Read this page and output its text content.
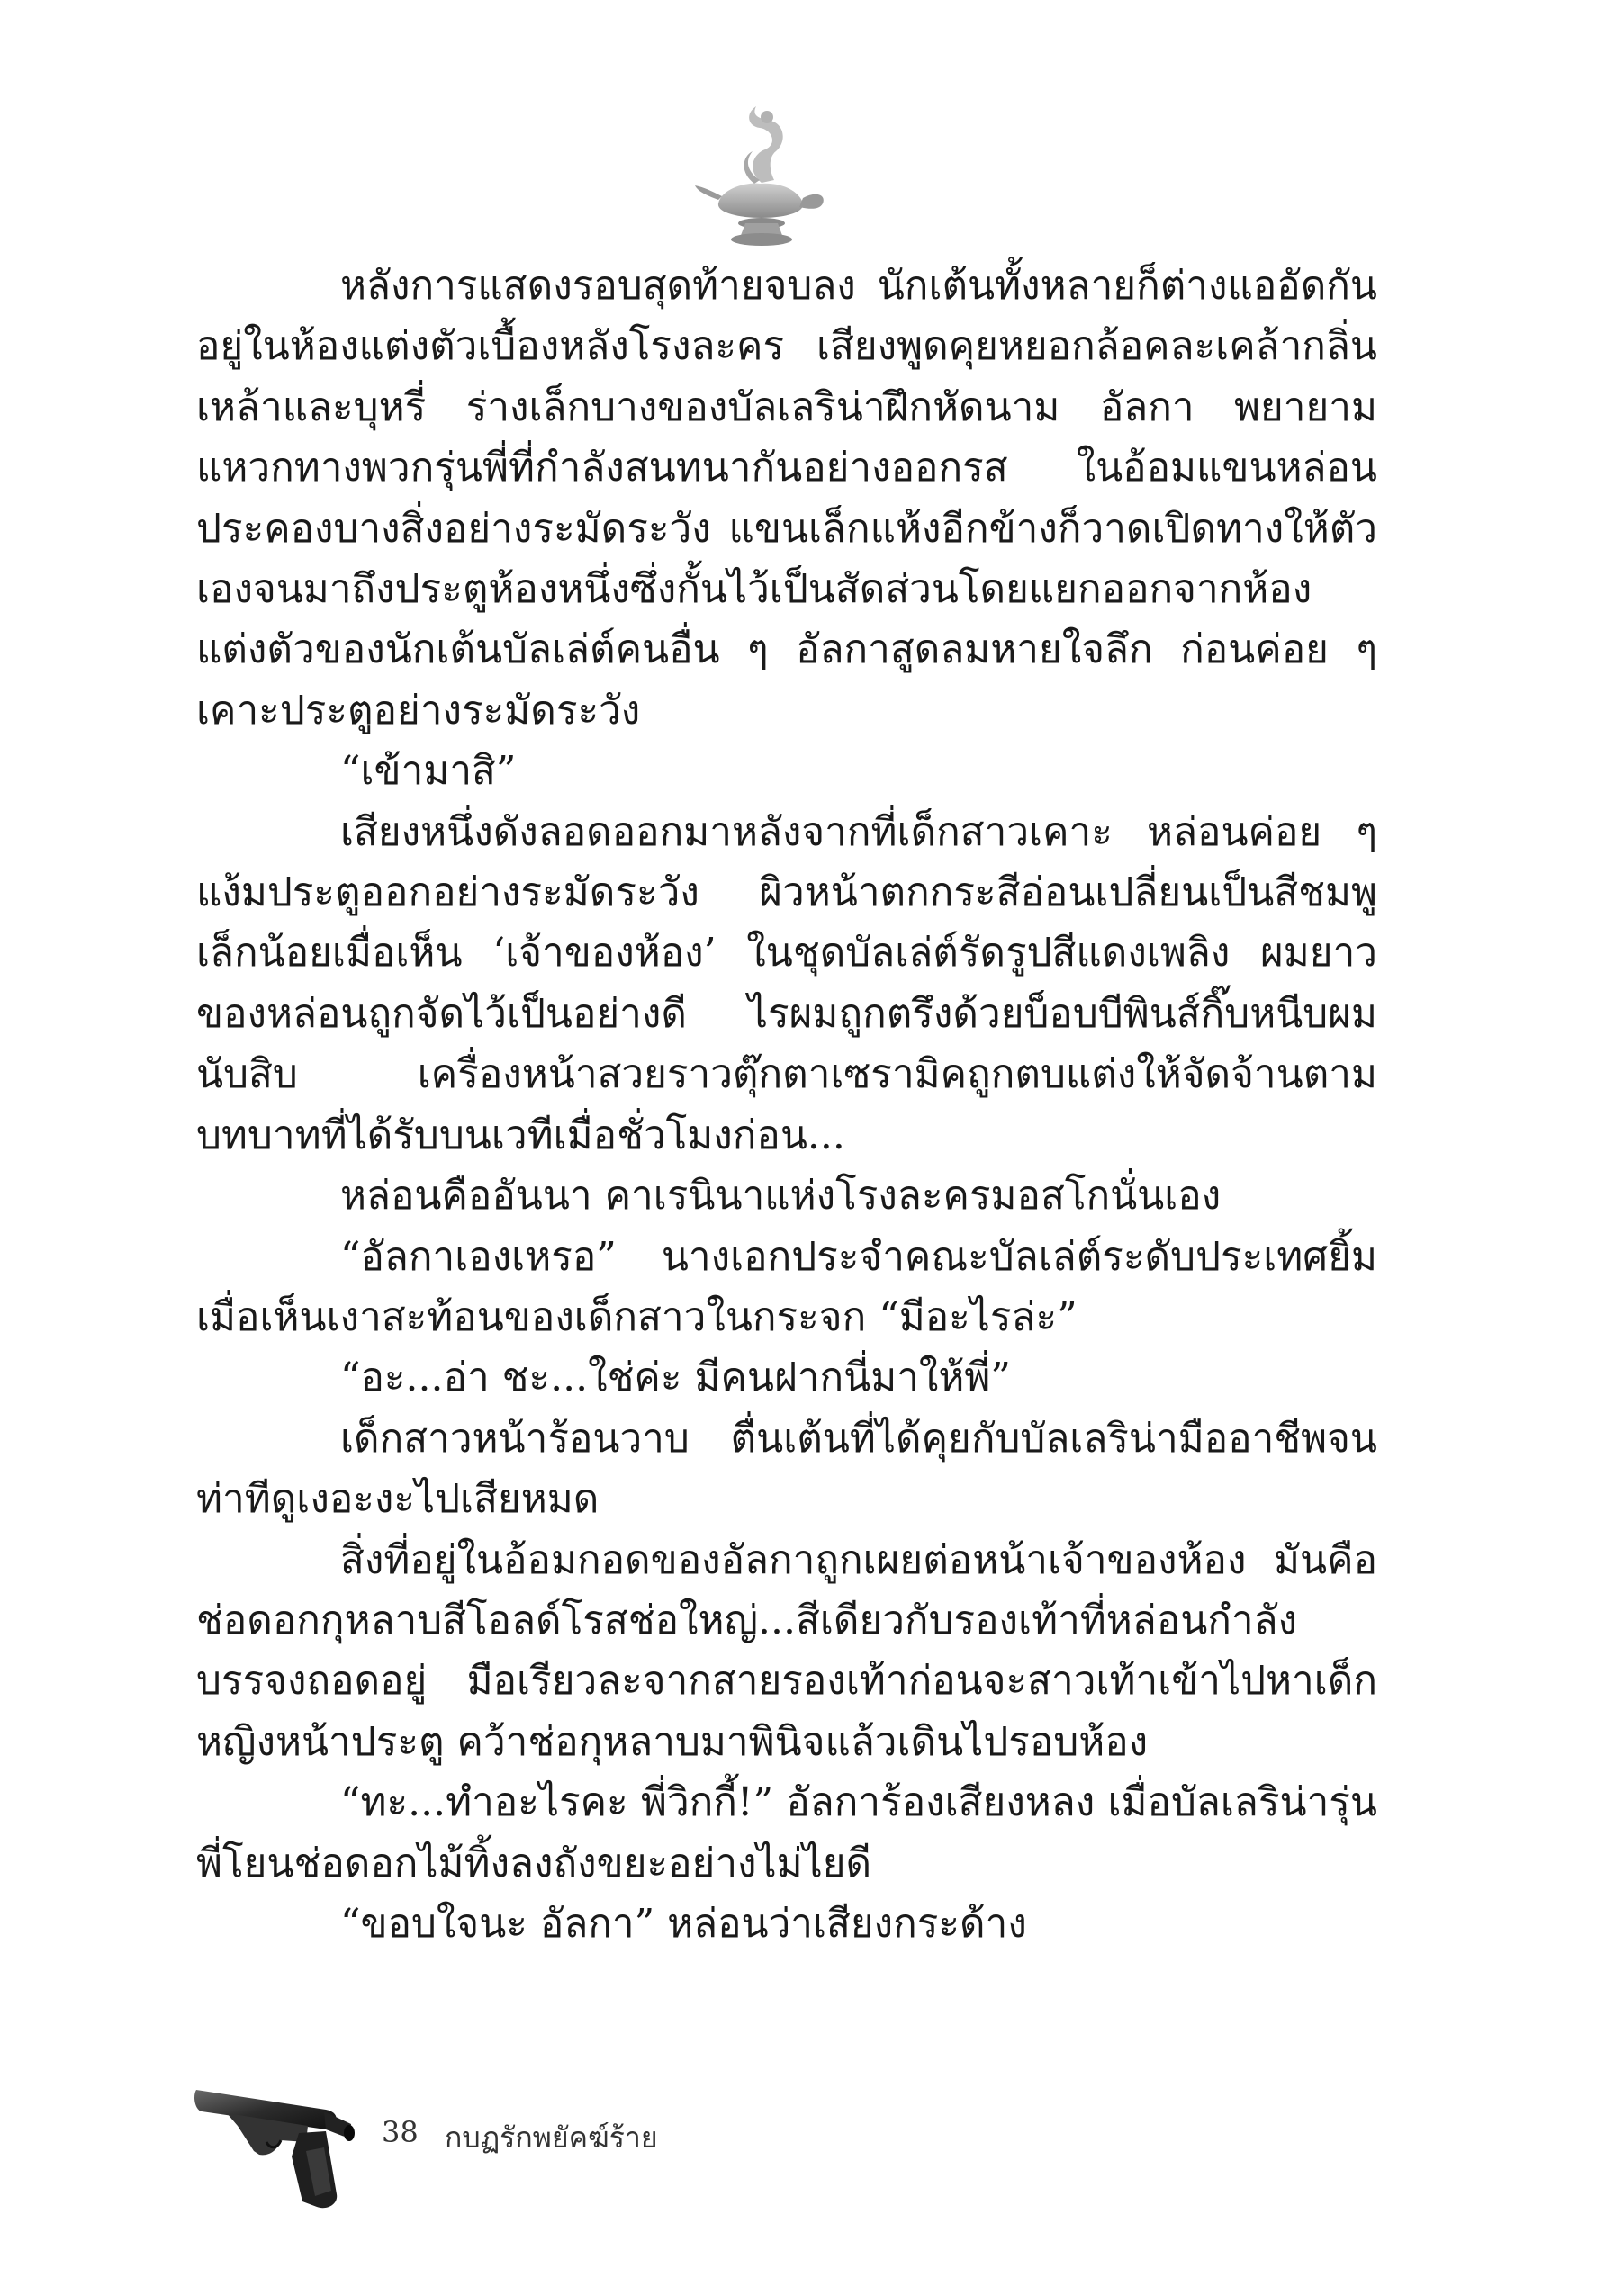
หลังการแสดงรอบสุดท้ายจบลง นักเต้นทั้งหลายก็ต่างแออัดกันอยู่ในห้องแต่งตัวเบื้องหลังโรงละคร เสียงพูดคุยหยอกล้อคละเคล้ากลิ่นเหล้าและบุหรี่ ร่างเล็กบางของบัลเลริน่าฝึกหัดนาม อัลกา พยายามแหวกทางพวกรุ่นพี่ที่กำลังสนทนากันอย่างออกรส ในอ้อมแขนหล่อนประคองบางสิ่งอย่างระมัดระวัง แขนเล็กแห้งอีกข้างก็วาดเปิดทางให้ตัวเองจนมาถึงประตูห้องหนึ่งซึ่งกั้นไว้เป็นสัดส่วนโดยแยกออกจากห้องแต่งตัวของนักเต้นบัลเล่ต์คนอื่น ๆ อัลกาสูดลมหายใจลึก ก่อนค่อย ๆ เคาะประตูอย่างระมัดระวัง

“เข้ามาสิ”

เสียงหนึ่งดังลอดออกมาหลังจากที่เด็กสาวเคาะ หล่อนค่อย ๆ แง้มประตูออกอย่างระมัดระวัง ผิวหน้าตกกระสีอ่อนเปลี่ยนเป็นสีชมพูเล็กน้อยเมื่อเห็น ‘เจ้าของห้อง’ ในชุดบัลเล่ต์รัดรูปสีแดงเพลิง ผมยาวของหล่อนถูกจัดไว้เป็นอย่างดี ไรผมถูกตรึงด้วยบ็อบบีพินส์กิ๊บหนีบผมนับสิบ เครื่องหน้าสวยราวตุ๊กตาเซรามิคถูกตบแต่งให้จัดจ้านตามบทบาทที่ได้รับบนเวทีเมื่อชั่วโมงก่อน...

หล่อนคืออันนา คาเรนินาแห่งโรงละครมอสโกนั่นเอง

“อัลกาเองเหรอ” นางเอกประจำคณะบัลเล่ต์ระดับประเทศยิ้มเมื่อเห็นเงาสะท้อนของเด็กสาวในกระจก “มีอะไรล่ะ”

“อะ...อ่า ชะ...ใช่ค่ะ มีคนฝากนี่มาให้พี่”

เด็กสาวหน้าร้อนวาบ ตื่นเต้นที่ได้คุยกับบัลเลริน่ามืออาชีพจนท่าทีดูเงอะงะไปเสียหมด

สิ่งที่อยู่ในอ้อมกอดของอัลกาถูกเผยต่อหน้าเจ้าของห้อง มันคือช่อดอกกุหลาบสีโอลด์โรสช่อใหญ่...สีเดียวกับรองเท้าที่หล่อนกำลังบรรจงถอดอยู่ มือเรียวละจากสายรองเท้าก่อนจะสาวเท้าเข้าไปหาเด็กหญิงหน้าประตู คว้าช่อกุหลาบมาพินิจแล้วเดินไปรอบห้อง

“ทะ...ทำอะไรคะ พี่วิกกี้!” อัลการ้องเสียงหลง เมื่อบัลเลริน่ารุ่นพี่โยนช่อดอกไม้ทิ้งลงถังขยะอย่างไม่ไยดี

“ขอบใจนะ อัลกา” หล่อนว่าเสียงกระด้าง

38 กบฏรักพยัคฆ์ร้าย
